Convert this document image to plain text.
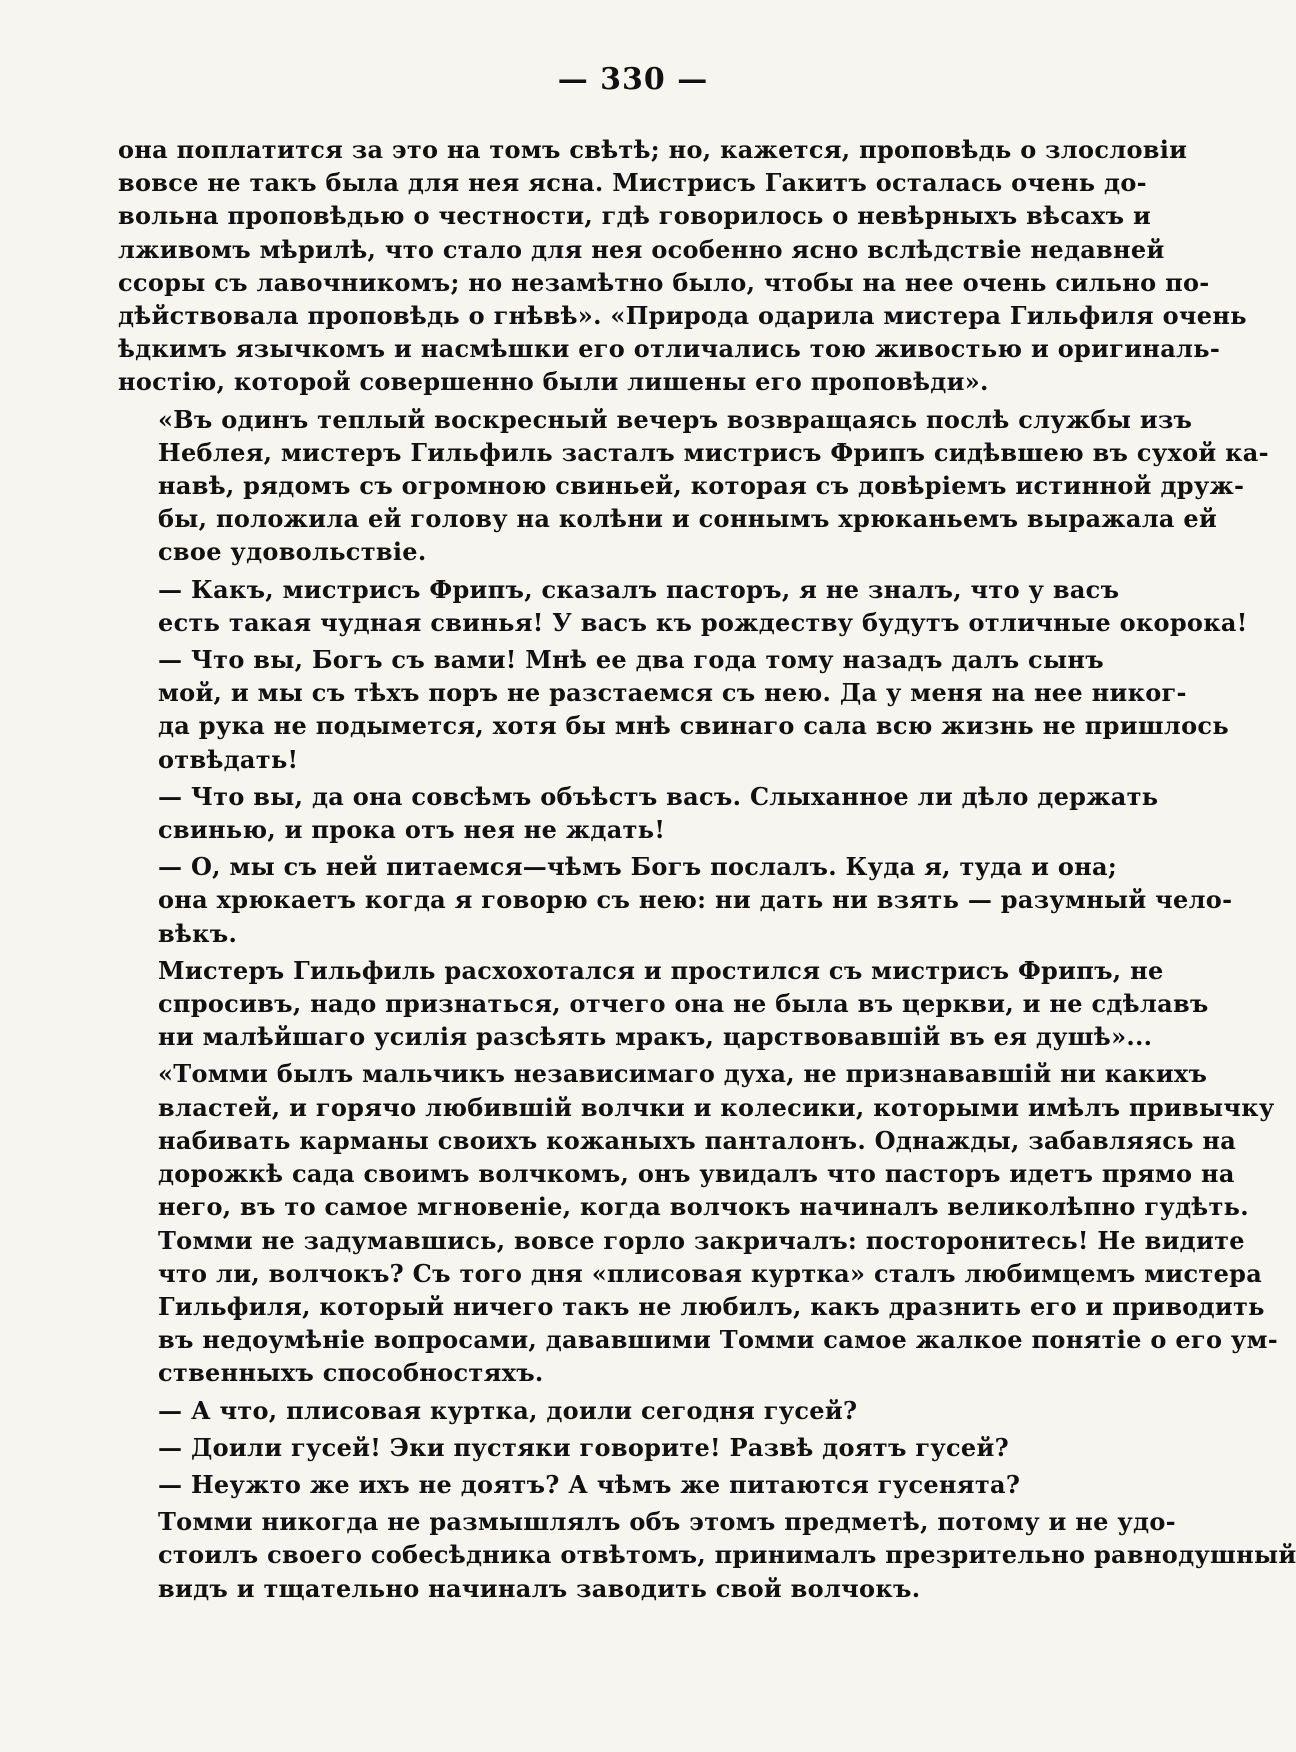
— 330 —

она поплатится за это на томъ свѣтѣ; но, кажется, проповѣдь о злословіи
вовсе не такъ была для нея ясна. Мистрисъ Гакитъ осталась очень до-
вольна проповѣдью о честности, гдѣ говорилось о невѣрныхъ вѣсахъ и
лживомъ мѣрилѣ, что стало для нея особенно ясно вслѣдствіе недавней
ссоры съ лавочникомъ; но незамѣтно было, чтобы на нее очень сильно по-
дѣйствовала проповѣдь о гнѣвѣ». «Природа одарила мистера Гильфиля очень
ѣдкимъ язычкомъ и насмѣшки его отличались тою живостью и оригиналь-
ностію, которой совершенно были лишены его проповѣди».

«Въ одинъ теплый воскресный вечеръ возвращаясь послѣ службы изъ
Неблея, мистеръ Гильфиль засталъ мистрисъ Фрипъ сидѣвшею въ сухой ка-
навѣ, рядомъ съ огромною свиньей, которая съ довѣріемъ истинной друж-
бы, положила ей голову на колѣни и соннымъ хрюканьемъ выражала ей
свое удовольствіе.

— Какъ, мистрисъ Фрипъ, сказалъ пасторъ, я не зналъ, что у васъ
есть такая чудная свинья! У васъ къ рождеству будутъ отличные окорока!

— Что вы, Богъ съ вами! Мнѣ ее два года тому назадъ далъ сынъ
мой, и мы съ тѣхъ поръ не разстаемся съ нею. Да у меня на нее никог-
да рука не подымется, хотя бы мнѣ свинаго сала всю жизнь не пришлось
отвѣдать!

— Что вы, да она совсѣмъ объѣстъ васъ. Слыханное ли дѣло держать
свинью, и прока отъ нея не ждать!

— О, мы съ ней питаемся—чѣмъ Богъ послалъ. Куда я, туда и она;
она хрюкаетъ когда я говорю съ нею: ни дать ни взять — разумный чело-
вѣкъ.

Мистеръ Гильфиль расхохотался и простился съ мистрисъ Фрипъ, не
спросивъ, надо признаться, отчего она не была въ церкви, и не сдѣлавъ
ни малѣйшаго усилія разсѣять мракъ, царствовавшій въ ея душѣ»...

«Томми былъ мальчикъ независимаго духа, не признававшій ни какихъ
властей, и горячо любившій волчки и колесики, которыми имѣлъ привычку
набивать карманы своихъ кожаныхъ панталонъ. Однажды, забавляясь на
дорожкѣ сада своимъ волчкомъ, онъ увидалъ что пасторъ идетъ прямо на
него, въ то самое мгновеніе, когда волчокъ начиналъ великолѣпно гудѣть.
Томми не задумавшись, вовсе горло закричалъ: посторонитесь! Не видите
что ли, волчокъ? Съ того дня «плисовая куртка» сталъ любимцемъ мистера
Гильфиля, который ничего такъ не любилъ, какъ дразнить его и приводить
въ недоумѣніе вопросами, дававшими Томми самое жалкое понятіе о его ум-
ственныхъ способностяхъ.

— А что, плисовая куртка, доили сегодня гусей?

— Доили гусей! Эки пустяки говорите! Развѣ доятъ гусей?

— Неужто же ихъ не доятъ? А чѣмъ же питаются гусенята?

Томми никогда не размышлялъ объ этомъ предметѣ, потому и не удо-
стоилъ своего собесѣдника отвѣтомъ, принималъ презрительно равнодушный
видъ и тщательно начиналъ заводить свой волчокъ.
